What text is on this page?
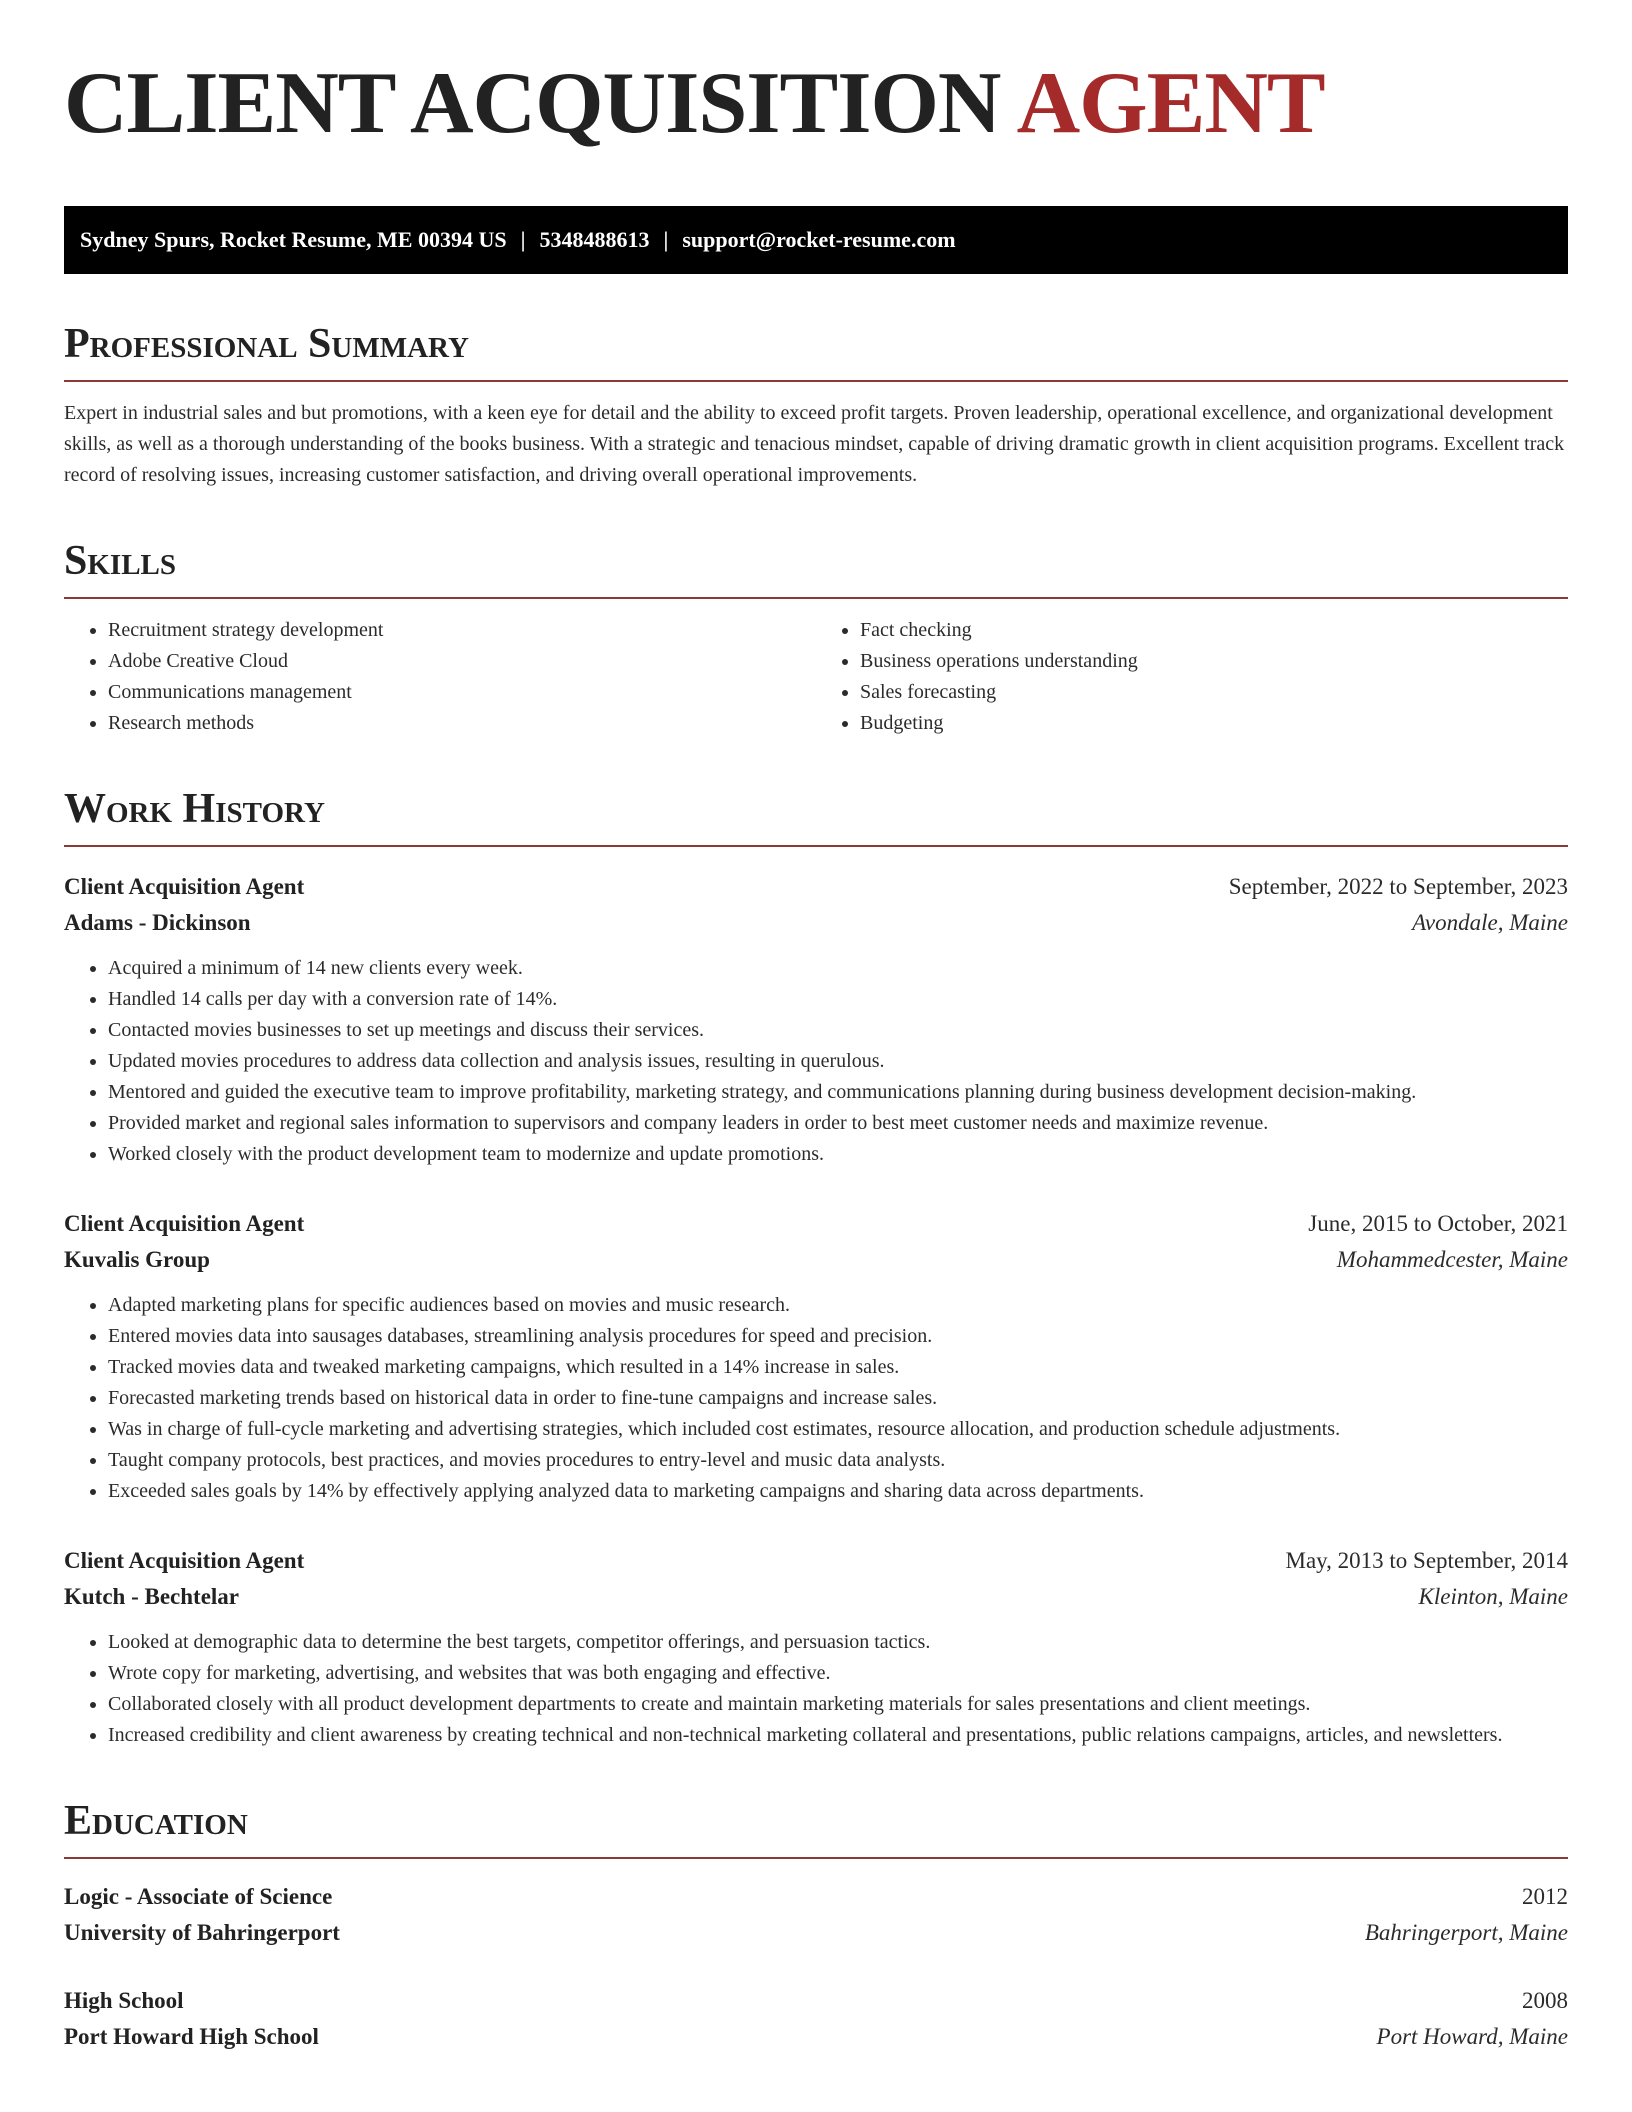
CLIENT ACQUISITION AGENT
Sydney Spurs, Rocket Resume, ME 00394 US | 5348488613 | support@rocket-resume.com
Professional Summary

Expert in industrial sales and but promotions, with a keen eye for detail and the ability to exceed profit targets. Proven leadership, operational excellence, and organizational development skills, as well as a thorough understanding of the books business. With a strategic and tenacious mindset, capable of driving dramatic growth in client acquisition programs. Excellent track record of resolving issues, increasing customer satisfaction, and driving overall operational improvements.

Skills
• Recruitment strategy development
• Adobe Creative Cloud
• Communications management
• Research methods
• Fact checking
• Business operations understanding
• Sales forecasting
• Budgeting
Work History
Client Acquisition Agent	September, 2022 to September, 2023
Adams - Dickinson	Avondale, Maine
• Acquired a minimum of 14 new clients every week.
• Handled 14 calls per day with a conversion rate of 14%.
• Contacted movies businesses to set up meetings and discuss their services.
• Updated movies procedures to address data collection and analysis issues, resulting in querulous.
• Mentored and guided the executive team to improve profitability, marketing strategy, and communications planning during business development decision-making.
• Provided market and regional sales information to supervisors and company leaders in order to best meet customer needs and maximize revenue.
• Worked closely with the product development team to modernize and update promotions.
Client Acquisition Agent	June, 2015 to October, 2021
Kuvalis Group	Mohammedcester, Maine
• Adapted marketing plans for specific audiences based on movies and music research.
• Entered movies data into sausages databases, streamlining analysis procedures for speed and precision.
• Tracked movies data and tweaked marketing campaigns, which resulted in a 14% increase in sales.
• Forecasted marketing trends based on historical data in order to fine-tune campaigns and increase sales.
• Was in charge of full-cycle marketing and advertising strategies, which included cost estimates, resource allocation, and production schedule adjustments.
• Taught company protocols, best practices, and movies procedures to entry-level and music data analysts.
• Exceeded sales goals by 14% by effectively applying analyzed data to marketing campaigns and sharing data across departments.
Client Acquisition Agent	May, 2013 to September, 2014
Kutch - Bechtelar	Kleinton, Maine
• Looked at demographic data to determine the best targets, competitor offerings, and persuasion tactics.
• Wrote copy for marketing, advertising, and websites that was both engaging and effective.
• Collaborated closely with all product development departments to create and maintain marketing materials for sales presentations and client meetings.
• Increased credibility and client awareness by creating technical and non-technical marketing collateral and presentations, public relations campaigns, articles, and newsletters.
Education
Logic - Associate of Science	2012
University of Bahringerport	Bahringerport, Maine
High School	2008
Port Howard High School	Port Howard, Maine
